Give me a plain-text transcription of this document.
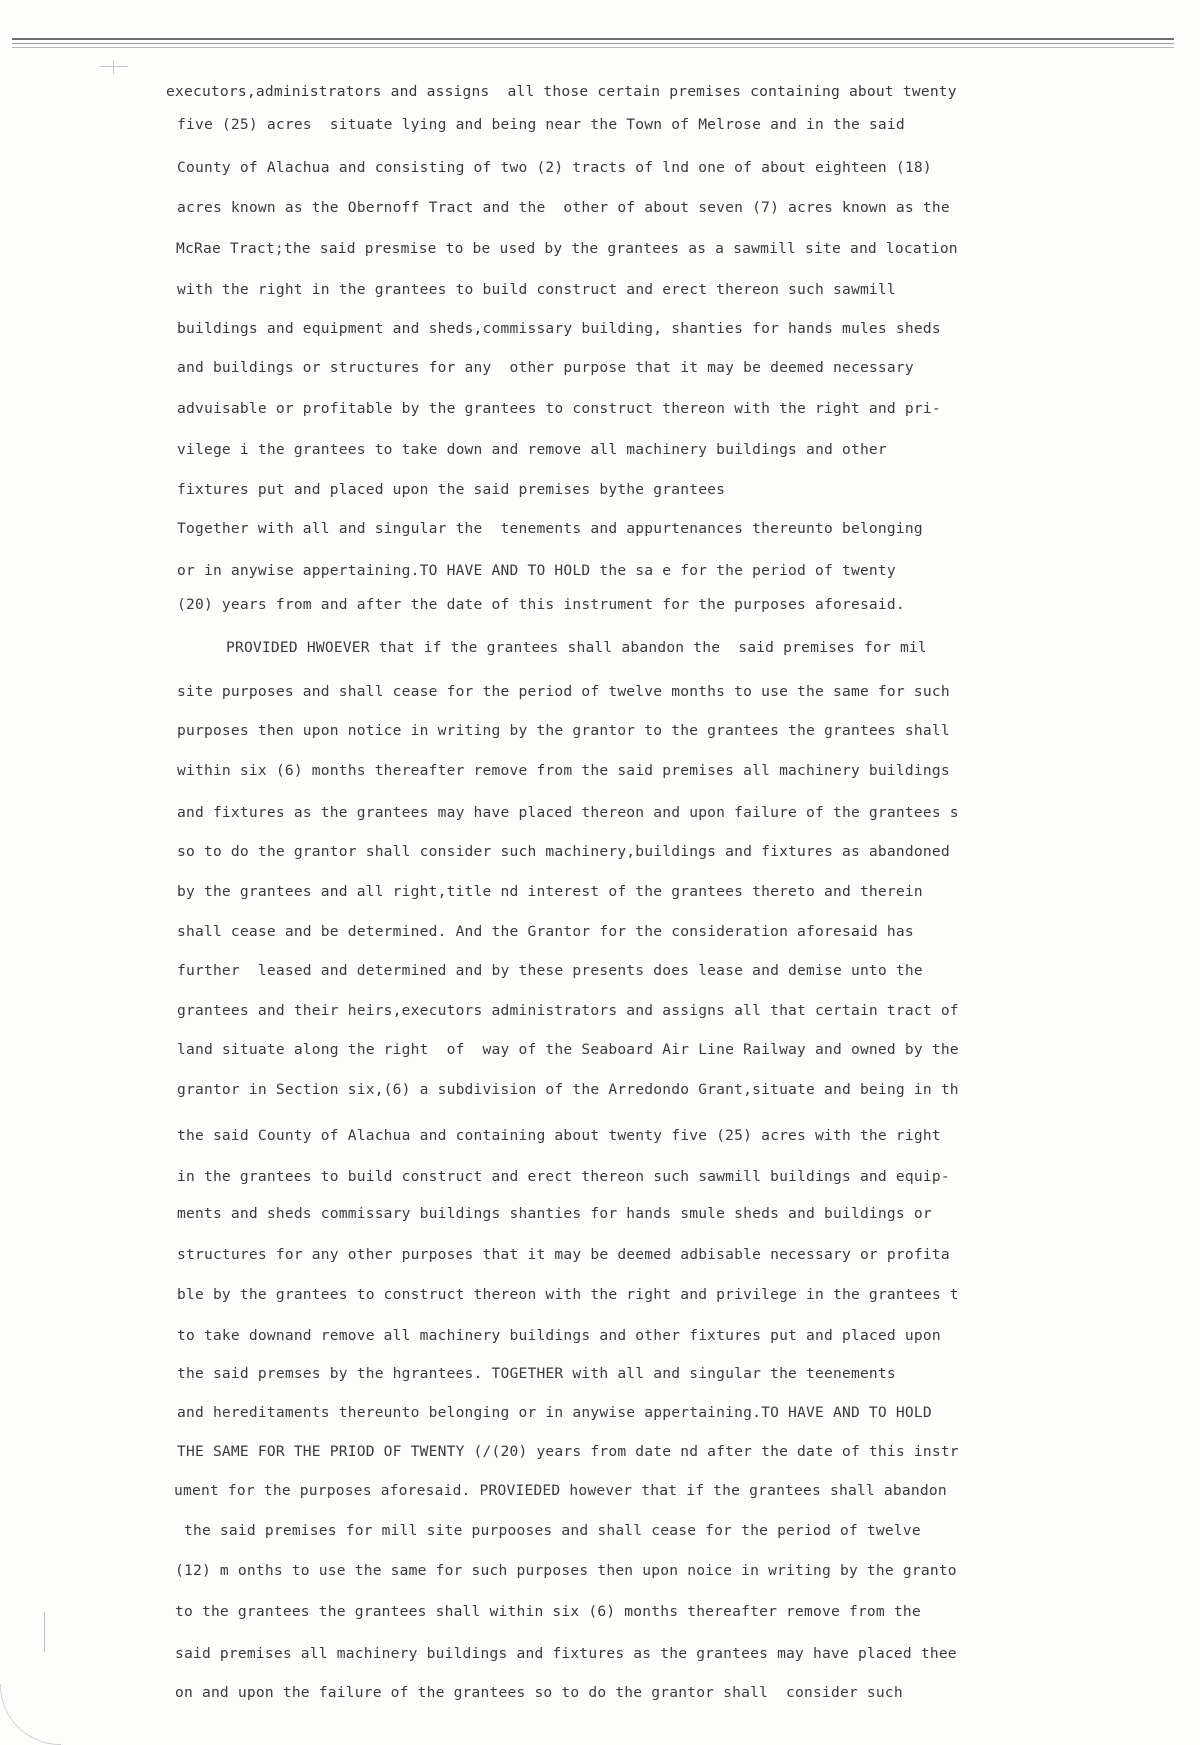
executors,administrators and assigns  all those certain premises containing about twenty
five (25) acres  situate lying and being near the Town of Melrose and in the said
County of Alachua and consisting of two (2) tracts of lnd one of about eighteen (18)
acres known as the Obernoff Tract and the  other of about seven (7) acres known as the
McRae Tract;the said presmise to be used by the grantees as a sawmill site and location
with the right in the grantees to build construct and erect thereon such sawmill
buildings and equipment and sheds,commissary building, shanties for hands mules sheds
and buildings or structures for any  other purpose that it may be deemed necessary
advuisable or profitable by the grantees to construct thereon with the right and pri-
vilege i the grantees to take down and remove all machinery buildings and other
fixtures put and placed upon the said premises bythe grantees
Together with all and singular the  tenements and appurtenances thereunto belonging
or in anywise appertaining.TO HAVE AND TO HOLD the sa e for the period of twenty
(20) years from and after the date of this instrument for the purposes aforesaid.
PROVIDED HWOEVER that if the grantees shall abandon the  said premises for mil
site purposes and shall cease for the period of twelve months to use the same for such
purposes then upon notice in writing by the grantor to the grantees the grantees shall
within six (6) months thereafter remove from the said premises all machinery buildings
and fixtures as the grantees may have placed thereon and upon failure of the grantees s
so to do the grantor shall consider such machinery,buildings and fixtures as abandoned
by the grantees and all right,title nd interest of the grantees thereto and therein
shall cease and be determined. And the Grantor for the consideration aforesaid has
further  leased and determined and by these presents does lease and demise unto the
grantees and their heirs,executors administrators and assigns all that certain tract of
land situate along the right  of  way of the Seaboard Air Line Railway and owned by the
grantor in Section six,(6) a subdivision of the Arredondo Grant,situate and being in th
the said County of Alachua and containing about twenty five (25) acres with the right
in the grantees to build construct and erect thereon such sawmill buildings and equip-
ments and sheds commissary buildings shanties for hands smule sheds and buildings or
structures for any other purposes that it may be deemed adbisable necessary or profita
ble by the grantees to construct thereon with the right and privilege in the grantees t
to take downand remove all machinery buildings and other fixtures put and placed upon
the said premses by the hgrantees. TOGETHER with all and singular the teenements
and hereditaments thereunto belonging or in anywise appertaining.TO HAVE AND TO HOLD
THE SAME FOR THE PRIOD OF TWENTY (/(20) years from date nd after the date of this instr
ument for the purposes aforesaid. PROVIEDED however that if the grantees shall abandon
the said premises for mill site purpooses and shall cease for the period of twelve
(12) m onths to use the same for such purposes then upon noice in writing by the granto
to the grantees the grantees shall within six (6) months thereafter remove from the
said premises all machinery buildings and fixtures as the grantees may have placed thee
on and upon the failure of the grantees so to do the grantor shall  consider such
